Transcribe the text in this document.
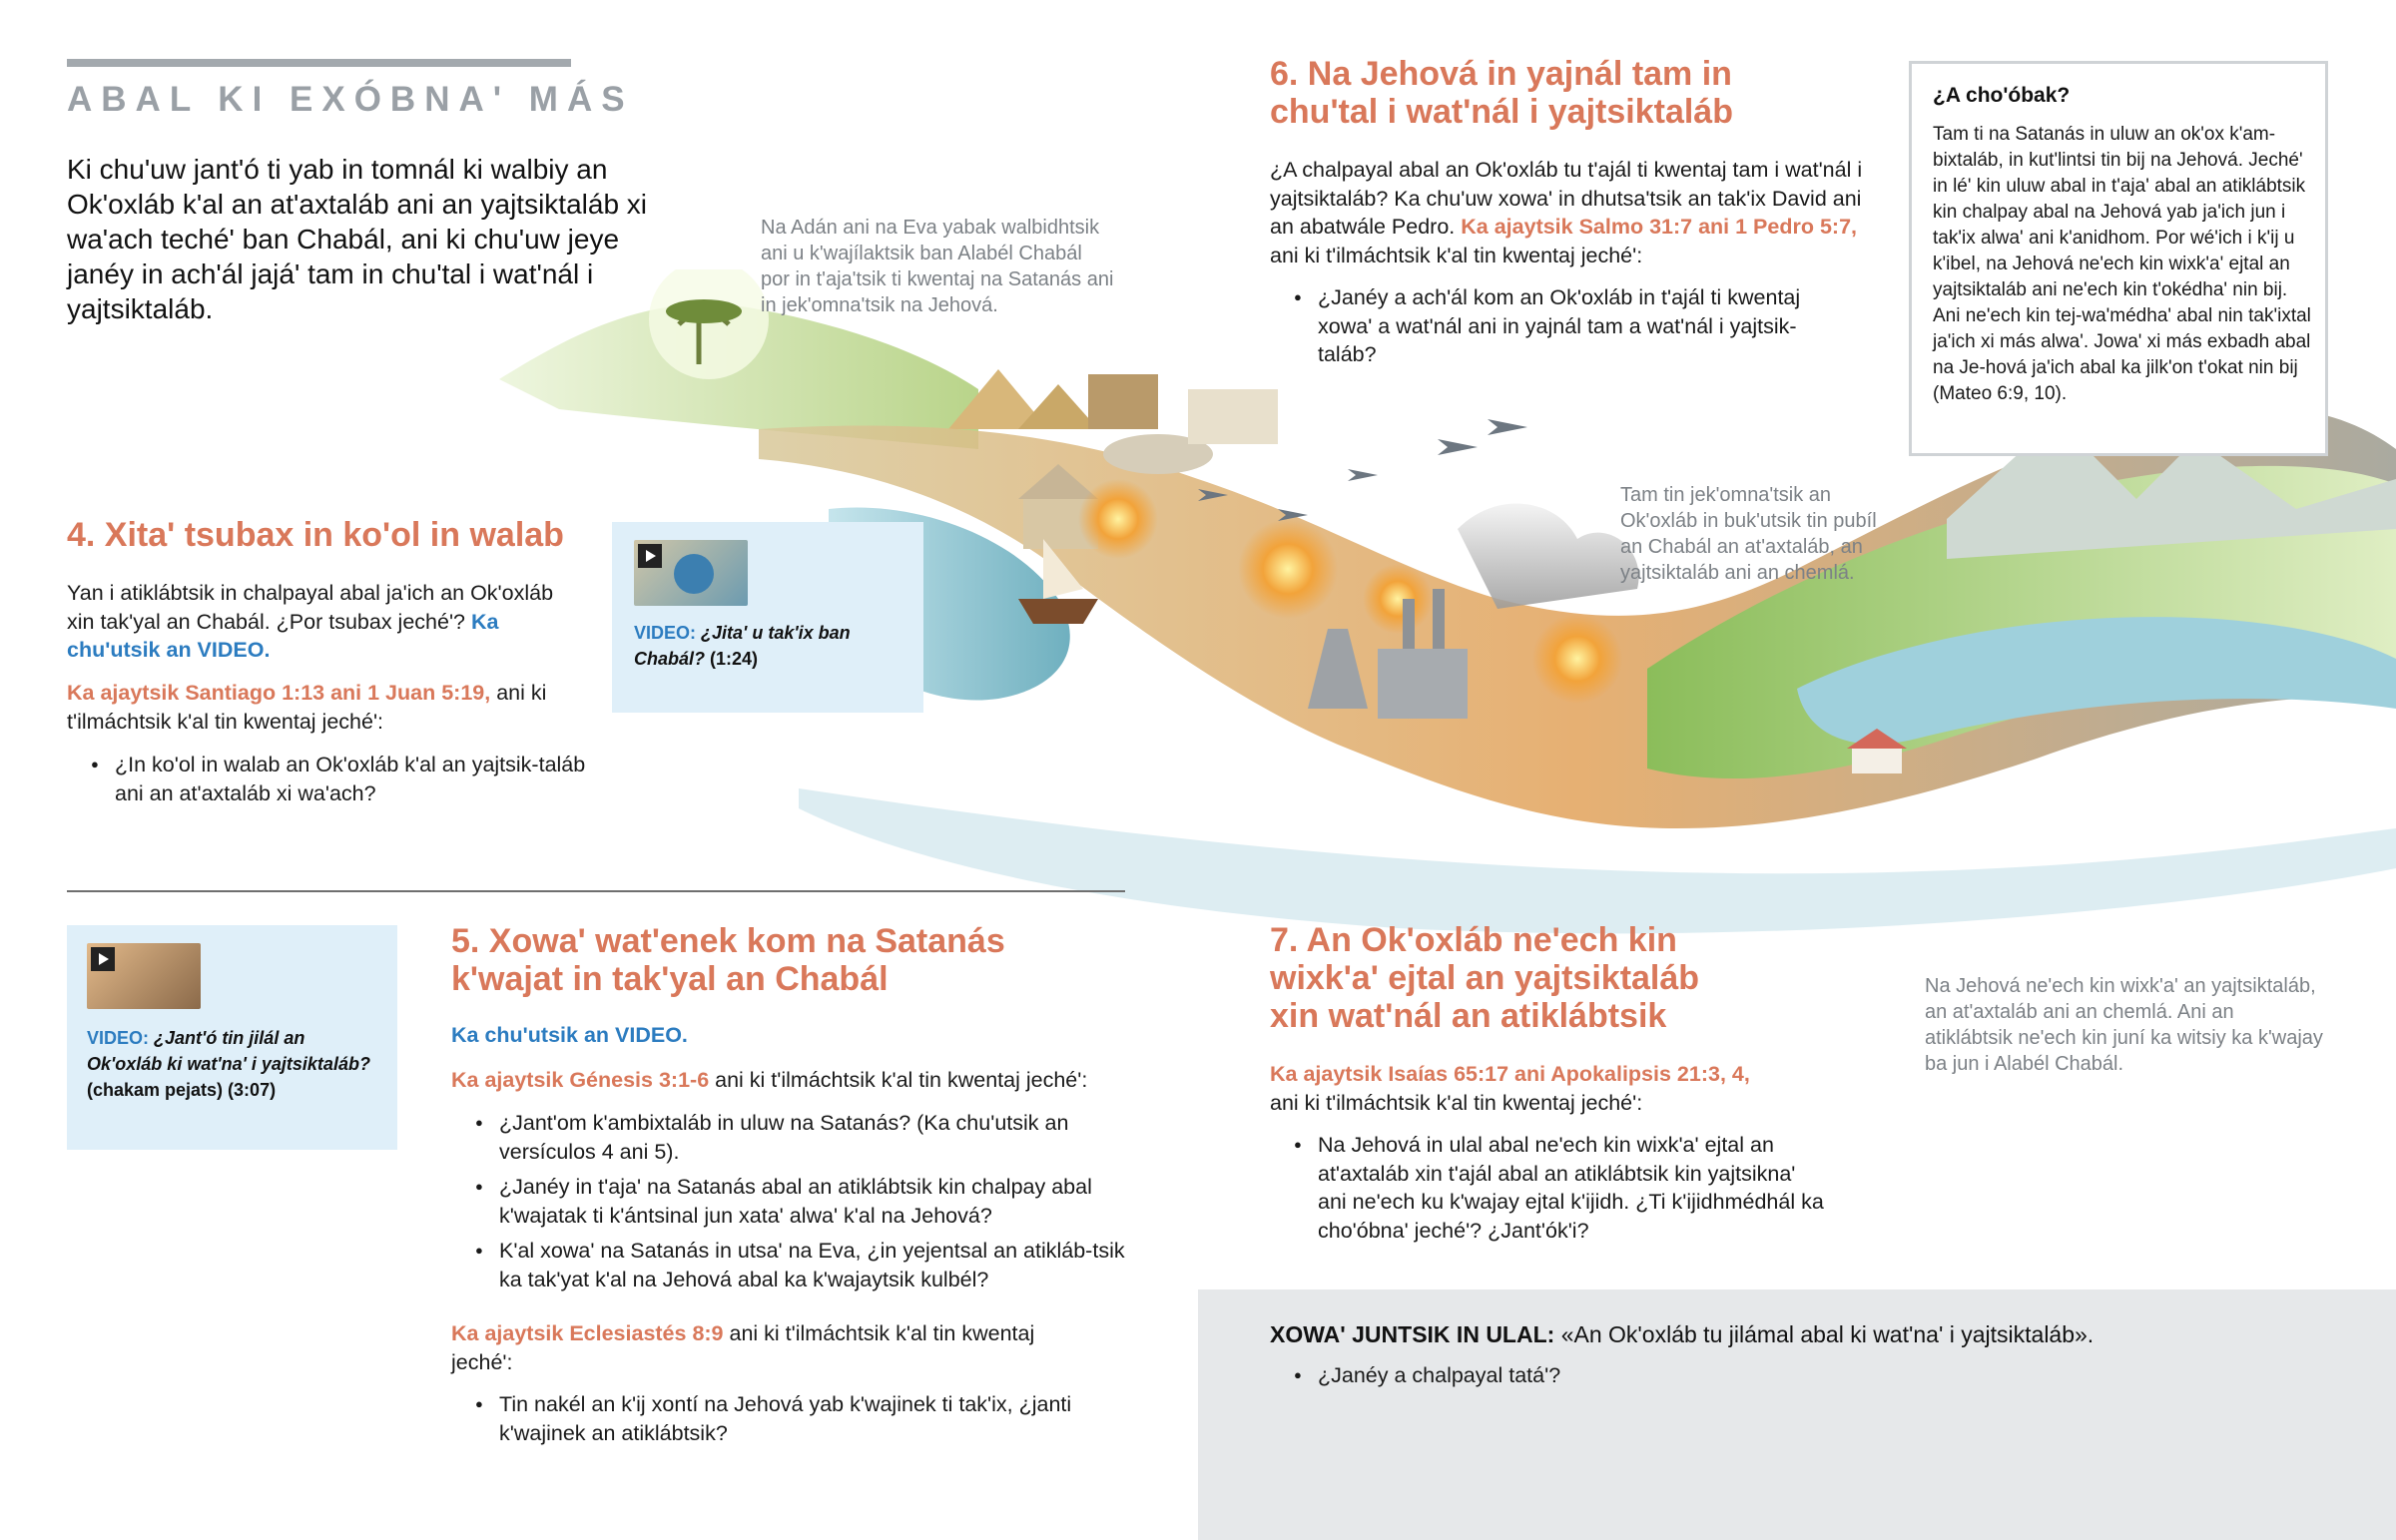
ABAL KI EXÓBNA' MÁS
Ki chu'uw jant'ó ti yab in tomnál ki walbiy an Ok'oxláb k'al an at'axtaláb ani an yajtsiktaláb xi wa'ach teché' ban Chabál, ani ki chu'uw jeye janéy in ach'ál jajá' tam in chu'tal i wat'nál i yajtsiktaláb.
Na Adán ani na Eva yabak walbidhtsik ani u k'wajílaktsik ban Alabél Chabál por in t'aja'tsik ti kwentaj na Satanás ani in jek'omna'tsik na Jehová.
Tam tin jek'omna'tsik an Ok'oxláb in buk'utsik tin pubíl an Chabál an at'axtaláb, an yajtsiktaláb ani an chemlá.
Na Jehová ne'ech kin wixk'a' an yajtsiktaláb, an at'axtaláb ani an chemlá. Ani an atiklábtsik ne'ech kin juní ka witsiy ka k'wajay ba jun i Alabél Chabál.
4. Xita' tsubax in ko'ol in walab
Yan i atiklábtsik in chalpayal abal ja'ich an Ok'oxláb xin tak'yal an Chabál. ¿Por tsubax jeché'? Ka chu'utsik an VIDEO.
Ka ajaytsik Santiago 1:13 ani 1 Juan 5:19, ani ki t'ilmáchtsik k'al tin kwentaj jeché':
● ¿In ko'ol in walab an Ok'oxláb k'al an yajtsik-taláb ani an at'axtaláb xi wa'ach?
VIDEO: ¿Jita' u tak'ix ban Chabál? (1:24)
VIDEO: ¿Jant'ó tin jilál an Ok'oxláb ki wat'na' i yajtsiktaláb? (chakam pejats) (3:07)
5. Xowa' wat'enek kom na Satanás k'wajat in tak'yal an Chabál
Ka chu'utsik an VIDEO.
Ka ajaytsik Génesis 3:1-6 ani ki t'ilmáchtsik k'al tin kwentaj jeché':
● ¿Jant'om k'ambixtaláb in uluw na Satanás? (Ka chu'utsik an versículos 4 ani 5).
● ¿Janéy in t'aja' na Satanás abal an atiklábtsik kin chalpay abal k'wajatak ti k'ántsinal jun xata' alwa' k'al na Jehová?
● K'al xowa' na Satanás in utsa' na Eva, ¿in yejentsal an atikláb-tsik ka tak'yat k'al na Jehová abal ka k'wajaytsik kulbél?
Ka ajaytsik Eclesiastés 8:9 ani ki t'ilmáchtsik k'al tin kwentaj jeché':
● Tin nakél an k'ij xontí na Jehová yab k'wajinek ti tak'ix, ¿janti k'wajinek an atiklábtsik?
6. Na Jehová in yajnál tam in chu'tal i wat'nál i yajtsiktaláb
¿A chalpayal abal an Ok'oxláb tu t'ajál ti kwentaj tam i wat'nál i yajtsiktaláb? Ka chu'uw xowa' in dhutsa'tsik an tak'ix David ani an abatwále Pedro. Ka ajaytsik Salmo 31:7 ani 1 Pedro 5:7, ani ki t'ilmáchtsik k'al tin kwentaj jeché':
● ¿Janéy a ach'ál kom an Ok'oxláb in t'ajál ti kwentaj xowa' a wat'nál ani in yajnál tam a wat'nál i yajtsik-taláb?
¿A cho'óbak?
Tam ti na Satanás in uluw an ok'ox k'am-bixtaláb, in kut'lintsi tin bij na Jehová. Jeché' in lé' kin uluw abal in t'aja' abal an atiklábtsik kin chalpay abal na Jehová yab ja'ich jun i tak'ix alwa' ani k'anidhom. Por wé'ich i k'ij u k'ibel, na Jehová ne'ech kin wixk'a' ejtal an yajtsiktaláb ani ne'ech kin t'okédha' nin bij. Ani ne'ech kin tej-wa'médha' abal nin tak'ixtal ja'ich xi más alwa'. Jowa' xi más exbadh abal na Je-hová ja'ich abal ka jilk'on t'okat nin bij (Mateo 6:9, 10).
7. An Ok'oxláb ne'ech kin wixk'a' ejtal an yajtsiktaláb xin wat'nál an atiklábtsik
Ka ajaytsik Isaías 65:17 ani Apokalipsis 21:3, 4,
ani ki t'ilmáchtsik k'al tin kwentaj jeché':
● Na Jehová in ulal abal ne'ech kin wixk'a' ejtal an at'axtaláb xin t'ajál abal an atiklábtsik kin yajtsikna' ani ne'ech ku k'wajay ejtal k'ijidh. ¿Ti k'ijidhmédhál ka cho'óbna' jeché'? ¿Jant'ók'i?
XOWA' JUNTSIK IN ULAL: «An Ok'oxláb tu jilámal abal ki wat'na' i yajtsiktaláb».
● ¿Janéy a chalpayal tatá'?
